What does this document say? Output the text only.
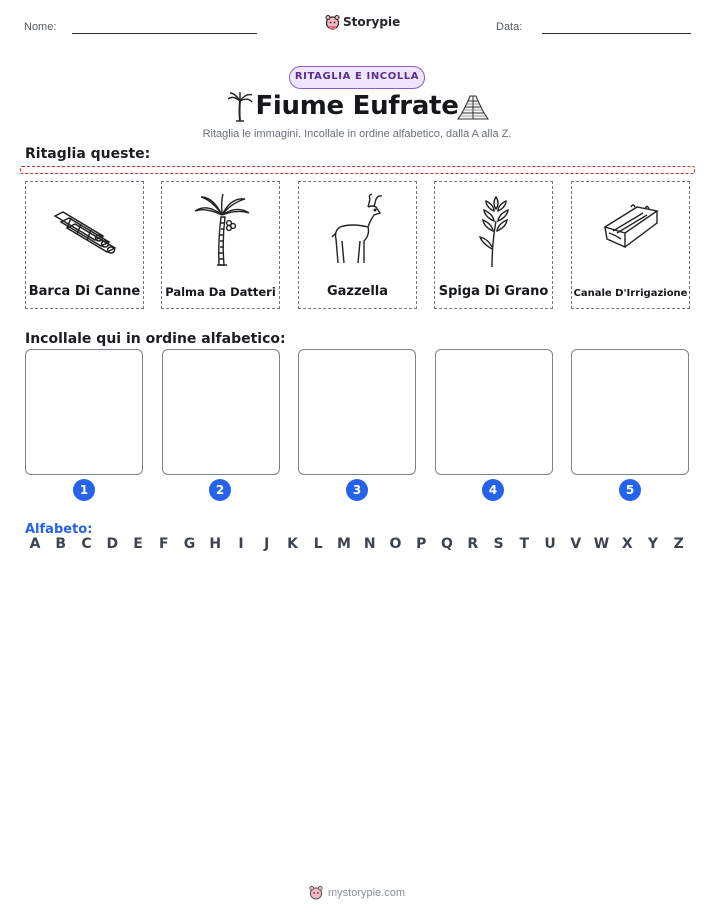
Nome:	Storypie	Data:
RITAGLIA E INCOLLA
Fiume Eufrate
Ritaglia le immagini. Incollale in ordine alfabetico, dalla A alla Z.
Ritaglia queste:
Barca Di Canne Palma Da Datteri	Gazzella	Spiga Di Grano	Canale D'Irrigazione
Incollale qui in ordine alfabetico:
1	2	3	4	5
Alfabeto:
A	B	C	D	E	F	G	H	I	J	K	L	M N O	P	Q	R	S	T	U	V W X	Y	Z
mystorypie.com
